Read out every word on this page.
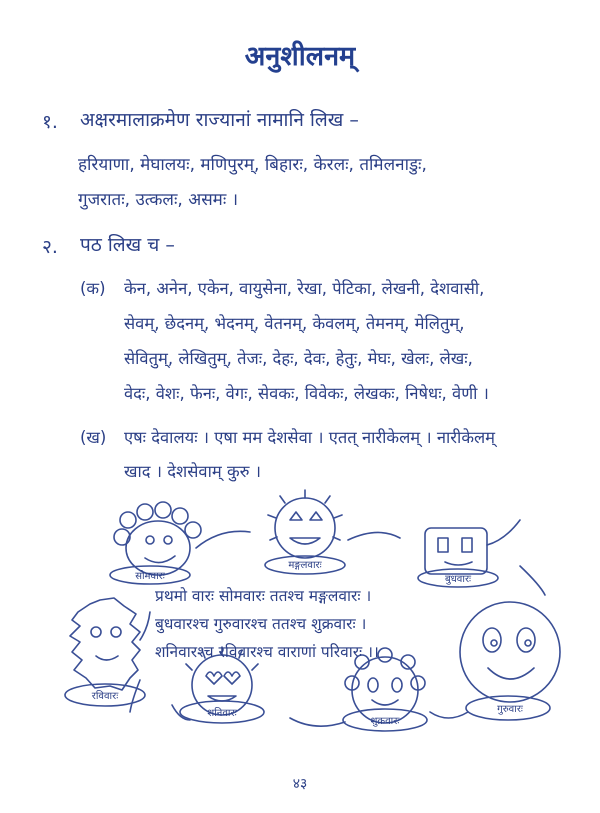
अनुशीलनम्
१. अक्षरमालाक्रमेण राज्यानां नामानि लिख –
हरियाणा, मेघालयः, मणिपुरम्, बिहारः, केरलः, तमिलनाडुः,
गुजरातः, उत्कलः, असमः ।
२. पठ लिख च –
(क) केन, अनेन, एकेन, वायुसेना, रेखा, पेटिका, लेखनी, देशवासी,
सेवम्, छेदनम्, भेदनम्, वेतनम्, केवलम्, तेमनम्, मेलितुम्,
सेवितुम्, लेखितुम्, तेजः, देहः, देवः, हेतुः, मेघः, खेलः, लेखः,
वेदः, वेशः, फेनः, वेगः, सेवकः, विवेकः, लेखकः, निषेधः, वेणी ।
(ख) एषः देवालयः । एषा मम देशसेवा । एतत् नारीकेलम् । नारीकेलम्
खाद । देशसेवाम् कुरु ।
सोमवारः
मङ्गलवारः
बुधवारः
गुरुवारः
शुक्रवारः
शनिवारः
रविवारः
प्रथमो वारः सोमवारः ततश्च मङ्गलवारः ।
बुधवारश्च गुरुवारश्च ततश्च शुक्रवारः ।
शनिवारश्च रविवारश्च वाराणां परिवारः ।।
४३
